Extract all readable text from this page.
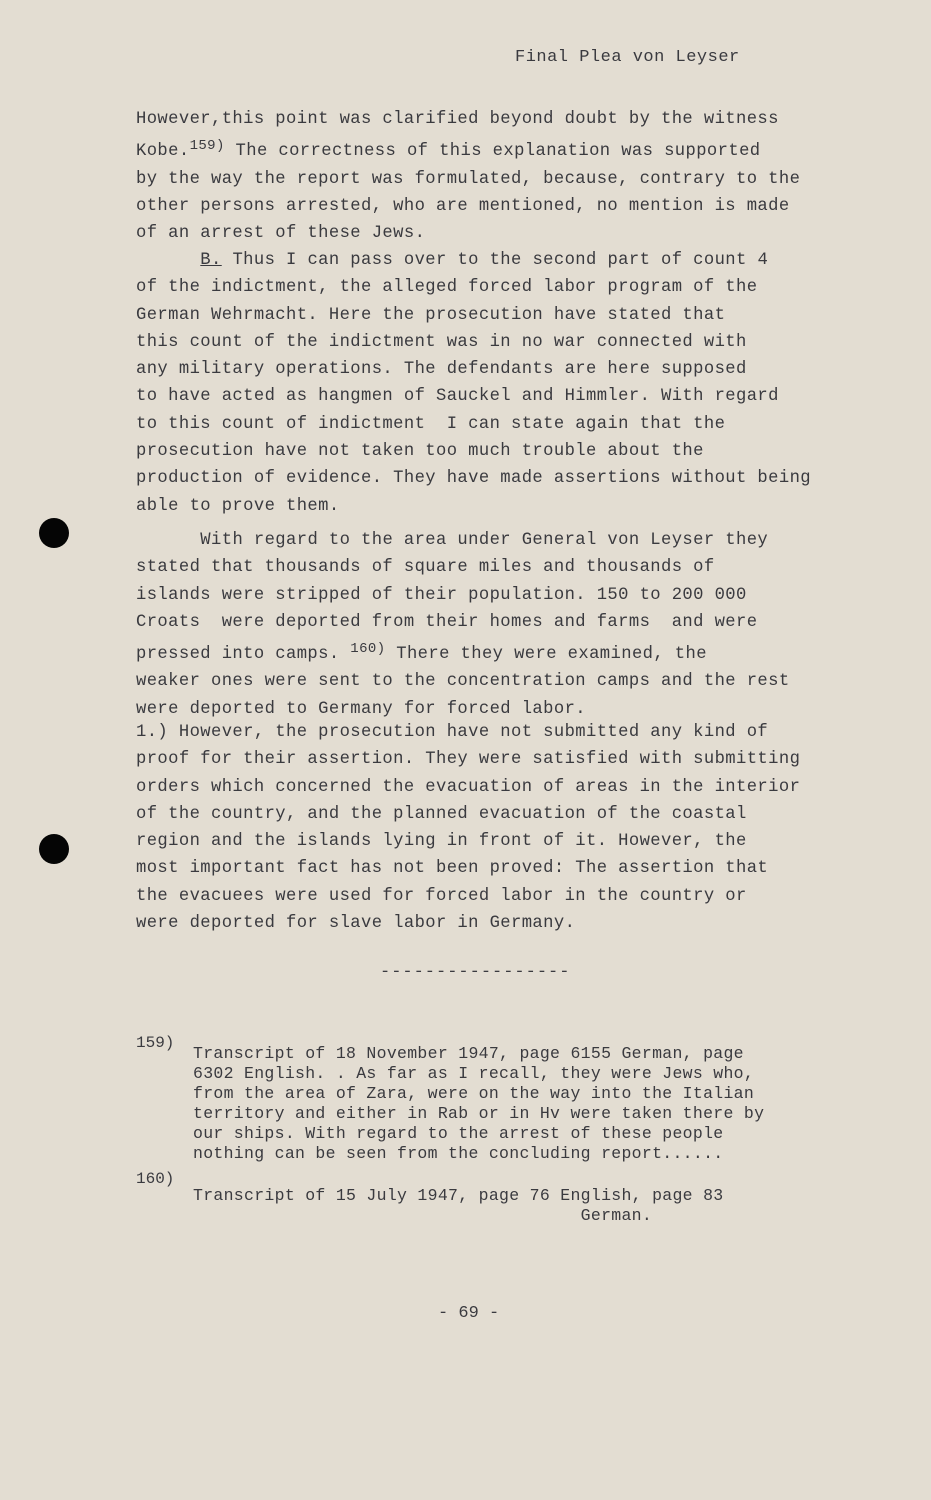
Final Plea von Leyser
However,this point was clarified beyond doubt by the witness
Kobe.$^{159)}$ The correctness of this explanation was supported
by the way the report was formulated, because, contrary to the
other persons arrested, who are mentioned, no mention is made
of an arrest of these Jews.
B. Thus I can pass over to the second part of count 4
of the indictment, the alleged forced labor program of the
German Wehrmacht. Here the prosecution have stated that
this count of the indictment was in no war connected with
any military operations. The defendants are here supposed
to have acted as hangmen of Sauckel and Himmler. With regard
to this count of indictment  I can state again that the
prosecution have not taken too much trouble about the
production of evidence. They have made assertions without being
able to prove them.
With regard to the area under General von Leyser they
stated that thousands of square miles and thousands of
islands were stripped of their population. 150 to 200 000
Croats  were deported from their homes and farms  and were
pressed into camps. $^{160)}$ There they were examined, the
weaker ones were sent to the concentration camps and the rest
were deported to Germany for forced labor.
1.) However, the prosecution have not submitted any kind of
proof for their assertion. They were satisfied with submitting
orders which concerned the evacuation of areas in the interior
of the country, and the planned evacuation of the coastal
region and the islands lying in front of it. However, the
most important fact has not been proved: The assertion that
the evacuees were used for forced labor in the country or
were deported for slave labor in Germany.
-----------------
159)
Transcript of 18 November 1947, page 6155 German, page
6302 English. . As far as I recall, they were Jews who,
from the area of Zara, were on the way into the Italian
territory and either in Rab or in Hv were taken there by
our ships. With regard to the arrest of these people
nothing can be seen from the concluding report......
160)
Transcript of 15 July 1947, page 76 English, page 83
German.
- 69 -
